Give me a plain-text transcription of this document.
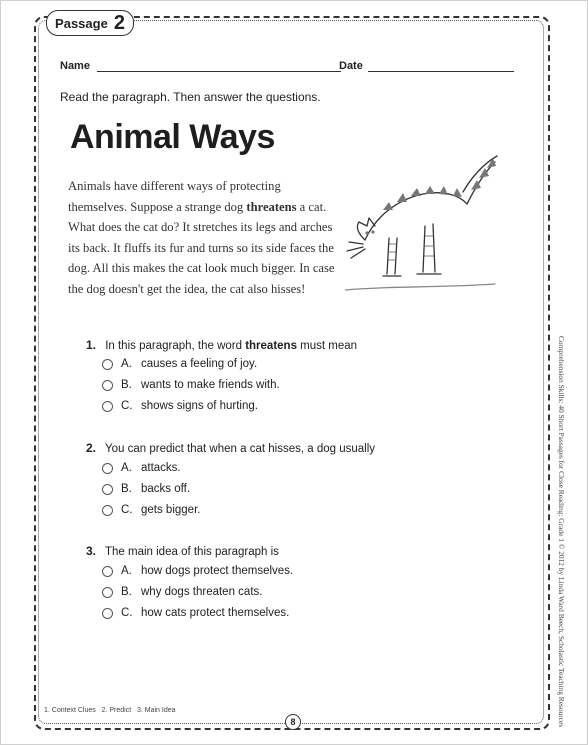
Passage 2
Name	Date
Read the paragraph. Then answer the questions.
Animal Ways
Animals have different ways of protecting themselves. Suppose a strange dog threatens a cat. What does the cat do? It stretches its legs and arches its back. It fluffs its fur and turns so its side faces the dog. All this makes the cat look much bigger. In case the dog doesn't get the idea, the cat also hisses!
1. In this paragraph, the word threatens must mean
A. causes a feeling of joy.
B. wants to make friends with.
C. shows signs of hurting.
2. You can predict that when a cat hisses, a dog usually
A. attacks.
B. backs off.
C. gets bigger.
3. The main idea of this paragraph is
A. how dogs protect themselves.
B. why dogs threaten cats.
C. how cats protect themselves.
1. Context Clues   2. Predict   3. Main Idea
8	Comprehension Skills: 40 Short Passages for Close Reading: Grade 1 © 2012 by Linda Ward Beech, Scholastic Teaching Resources
